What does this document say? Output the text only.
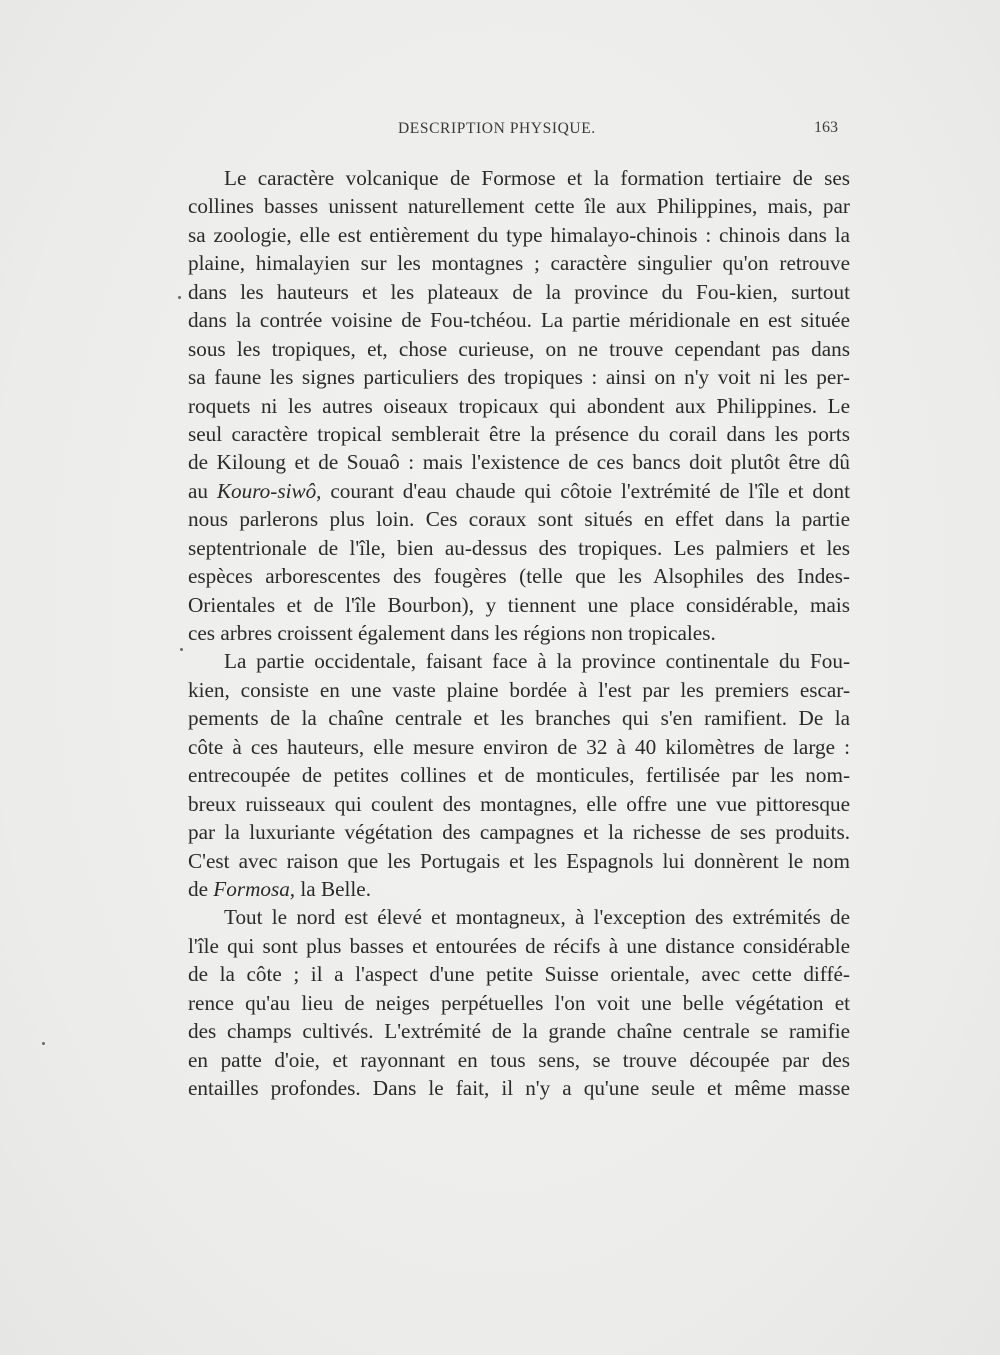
DESCRIPTION PHYSIQUE.	163
Le caractère volcanique de Formose et la formation tertiaire de ses
collines basses unissent naturellement cette île aux Philippines, mais, par
sa zoologie, elle est entièrement du type himalayo-chinois : chinois dans la
plaine, himalayien sur les montagnes ; caractère singulier qu'on retrouve
dans les hauteurs et les plateaux de la province du Fou-kien, surtout
dans la contrée voisine de Fou-tchéou. La partie méridionale en est située
sous les tropiques, et, chose curieuse, on ne trouve cependant pas dans
sa faune les signes particuliers des tropiques : ainsi on n'y voit ni les per-
roquets ni les autres oiseaux tropicaux qui abondent aux Philippines. Le
seul caractère tropical semblerait être la présence du corail dans les ports
de Kiloung et de Souaô : mais l'existence de ces bancs doit plutôt être dû
au Kouro-siwô, courant d'eau chaude qui côtoie l'extrémité de l'île et dont
nous parlerons plus loin. Ces coraux sont situés en effet dans la partie
septentrionale de l'île, bien au-dessus des tropiques. Les palmiers et les
espèces arborescentes des fougères (telle que les Alsophiles des Indes-
Orientales et de l'île Bourbon), y tiennent une place considérable, mais
ces arbres croissent également dans les régions non tropicales.
La partie occidentale, faisant face à la province continentale du Fou-
kien, consiste en une vaste plaine bordée à l'est par les premiers escar-
pements de la chaîne centrale et les branches qui s'en ramifient. De la
côte à ces hauteurs, elle mesure environ de 32 à 40 kilomètres de large :
entrecoupée de petites collines et de monticules, fertilisée par les nom-
breux ruisseaux qui coulent des montagnes, elle offre une vue pittoresque
par la luxuriante végétation des campagnes et la richesse de ses produits.
C'est avec raison que les Portugais et les Espagnols lui donnèrent le nom
de Formosa, la Belle.
Tout le nord est élevé et montagneux, à l'exception des extrémités de
l'île qui sont plus basses et entourées de récifs à une distance considérable
de la côte ; il a l'aspect d'une petite Suisse orientale, avec cette diffé-
rence qu'au lieu de neiges perpétuelles l'on voit une belle végétation et
des champs cultivés. L'extrémité de la grande chaîne centrale se ramifie
en patte d'oie, et rayonnant en tous sens, se trouve découpée par des
entailles profondes. Dans le fait, il n'y a qu'une seule et même masse
